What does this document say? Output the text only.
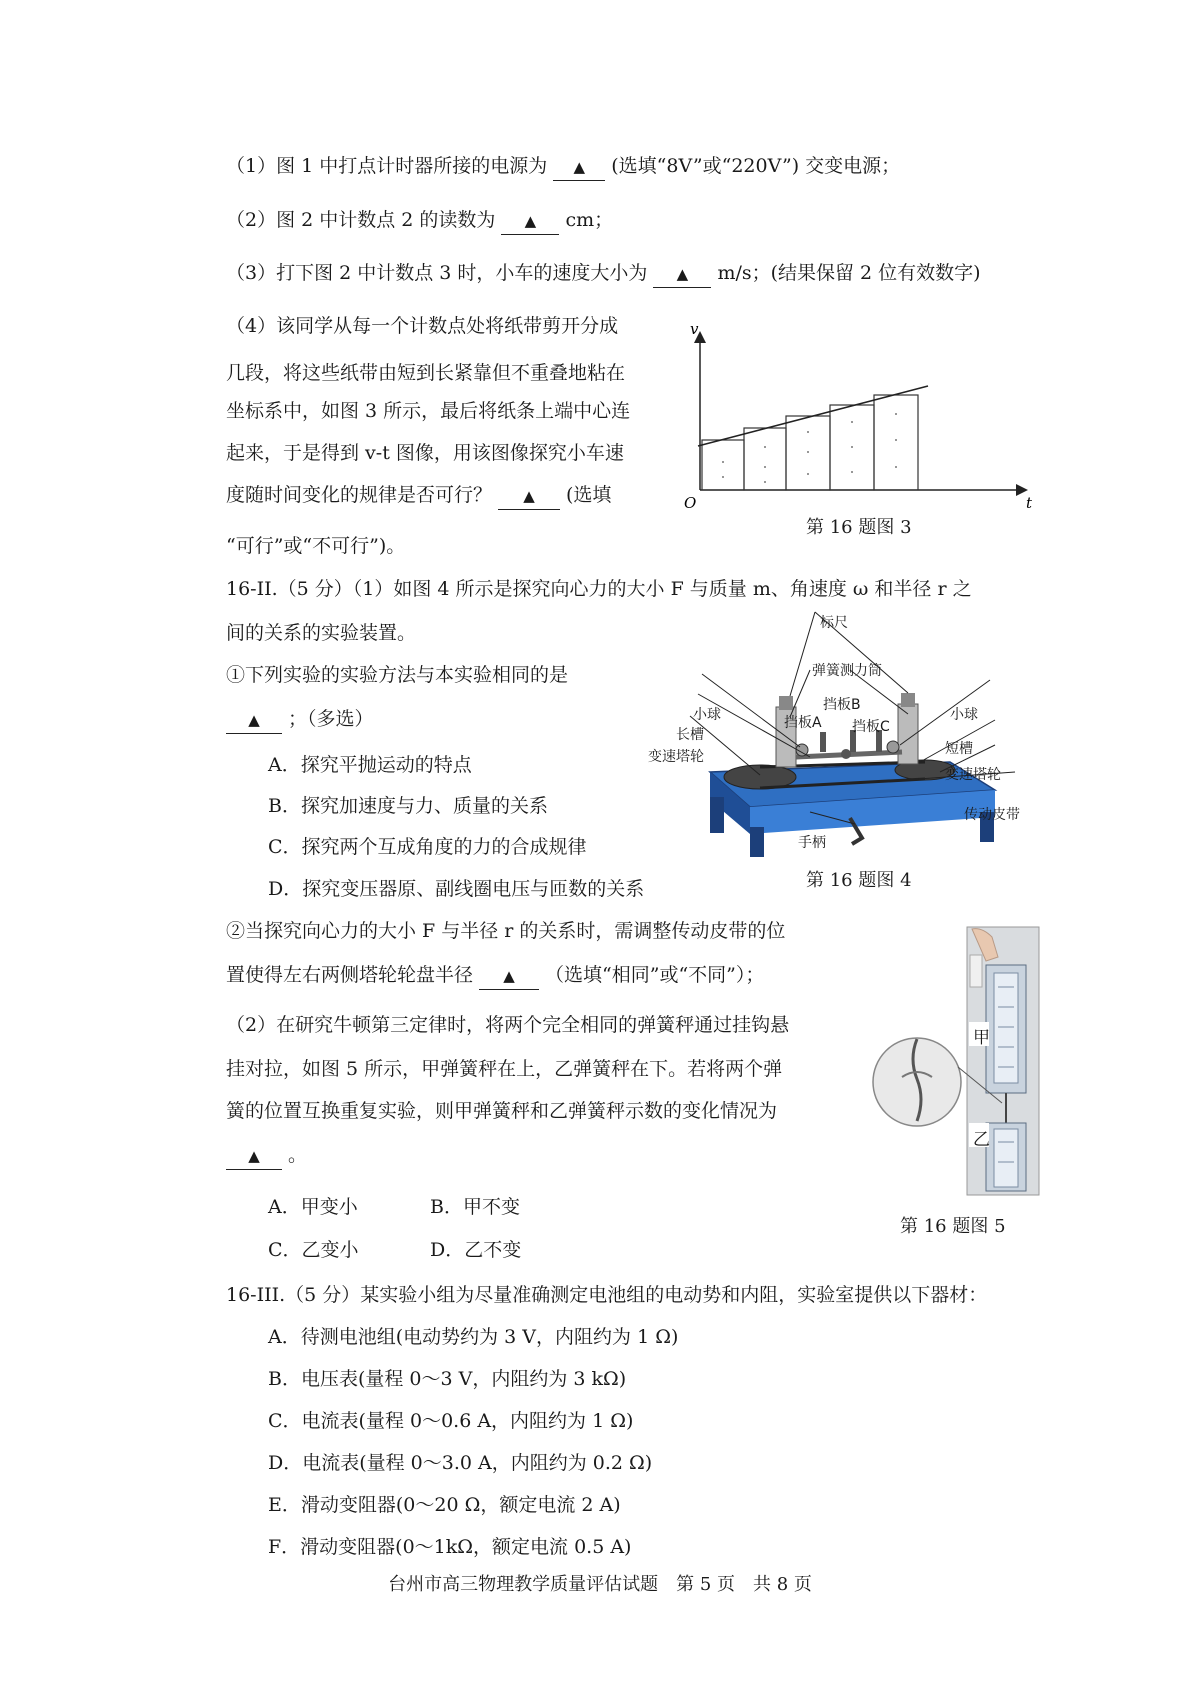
（1）图 1 中打点计时器所接的电源为 ▲ (选填“8V”或“220V”) 交变电源；
（2）图 2 中计数点 2 的读数为 ▲ cm；
（3）打下图 2 中计数点 3 时，小车的速度大小为 ▲ m/s；(结果保留 2 位有效数字)
（4）该同学从每一个计数点处将纸带剪开分成
几段，将这些纸带由短到长紧靠但不重叠地粘在
坐标系中，如图 3 所示，最后将纸条上端中心连
起来，于是得到 v-t 图像，用该图像探究小车速
度随时间变化的规律是否可行？ ▲ (选填
“可行”或“不可行”)。
v
t
O
第 16 题图 3
16-II.（5 分）（1）如图 4 所示是探究向心力的大小 F 与质量 m、角速度 ω 和半径 r 之
间的关系的实验装置。
①下列实验的实验方法与本实验相同的是
▲ ；（多选）
A．探究平抛运动的特点
B．探究加速度与力、质量的关系
C．探究两个互成角度的力的合成规律
D．探究变压器原、副线圈电压与匝数的关系
标尺
弹簧测力筒
小球
长槽
变速塔轮
挡板A
挡板B
挡板C
小球
短槽
变速塔轮
传动皮带
手柄
第 16 题图 4
②当探究向心力的大小 F 与半径 r 的关系时，需调整传动皮带的位
置使得左右两侧塔轮轮盘半径 ▲ （选填“相同”或“不同”）；
（2）在研究牛顿第三定律时，将两个完全相同的弹簧秤通过挂钩悬
挂对拉，如图 5 所示，甲弹簧秤在上，乙弹簧秤在下。若将两个弹
簧的位置互换重复实验，则甲弹簧秤和乙弹簧秤示数的变化情况为
▲ 。
A．甲变小	B．甲不变
C．乙变小	D．乙不变
甲
乙
第 16 题图 5
16-III.（5 分）某实验小组为尽量准确测定电池组的电动势和内阻，实验室提供以下器材：
A．待测电池组(电动势约为 3 V，内阻约为 1 Ω)
B．电压表(量程 0～3 V，内阻约为 3 kΩ)
C．电流表(量程 0～0.6 A，内阻约为 1 Ω)
D．电流表(量程 0～3.0 A，内阻约为 0.2 Ω)
E．滑动变阻器(0～20 Ω，额定电流 2 A)
F．滑动变阻器(0～1kΩ，额定电流 0.5 A)
台州市高三物理教学质量评估试题　第 5 页　共 8 页
